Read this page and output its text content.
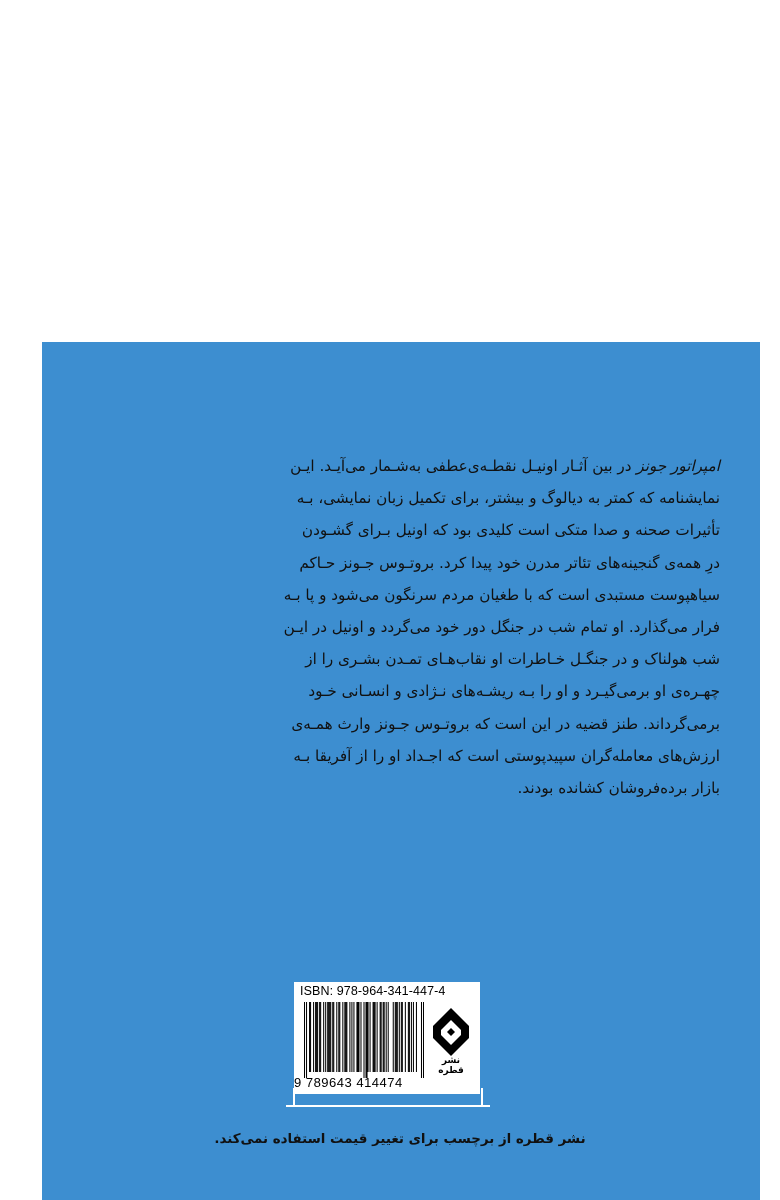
امپراتور جونز در بین آثـار اونیـل نقطـه‌ی‌عطفی به‌شـمار می‌آیـد. ایـن
نمایشنامه که کمتر به دیالوگ و بیشتر، برای تکمیل زبان نمایشی، بـه
تأثیرات صحنه و صدا متکی است کلیدی بود که اونیل بـرای گشـودن
درِ همه‌ی گنجینه‌های تئاتر مدرن خود پیدا کرد. بروتـوس جـونز حـاکم
سیاهپوست مستبدی است که با طغیان مردم سرنگون می‌شود و پا بـه
فرار می‌گذارد. او تمام شب در جنگل دور خود می‌گردد و اونیل در ایـن
شب هولناک و در جنگـل خـاطرات او نقاب‌هـای تمـدن بشـری را از
چهـره‌ی او برمی‌گیـرد و او را بـه ریشـه‌های نـژادی و انسـانی خـود
برمی‌گرداند. طنز قضیه در این است که بروتـوس جـونز وارث همـه‌ی
ارزش‌های معامله‌گران سپیدپوستی است که اجـداد او را از آفریقا بـه
بازار برده‌فروشان کشانده بودند.
ISBN: 978-964-341-447-4
9 789643 414474
نشر قطره
نشر قطره از برچسب برای تغییر قیمت استفاده نمی‌کند.
